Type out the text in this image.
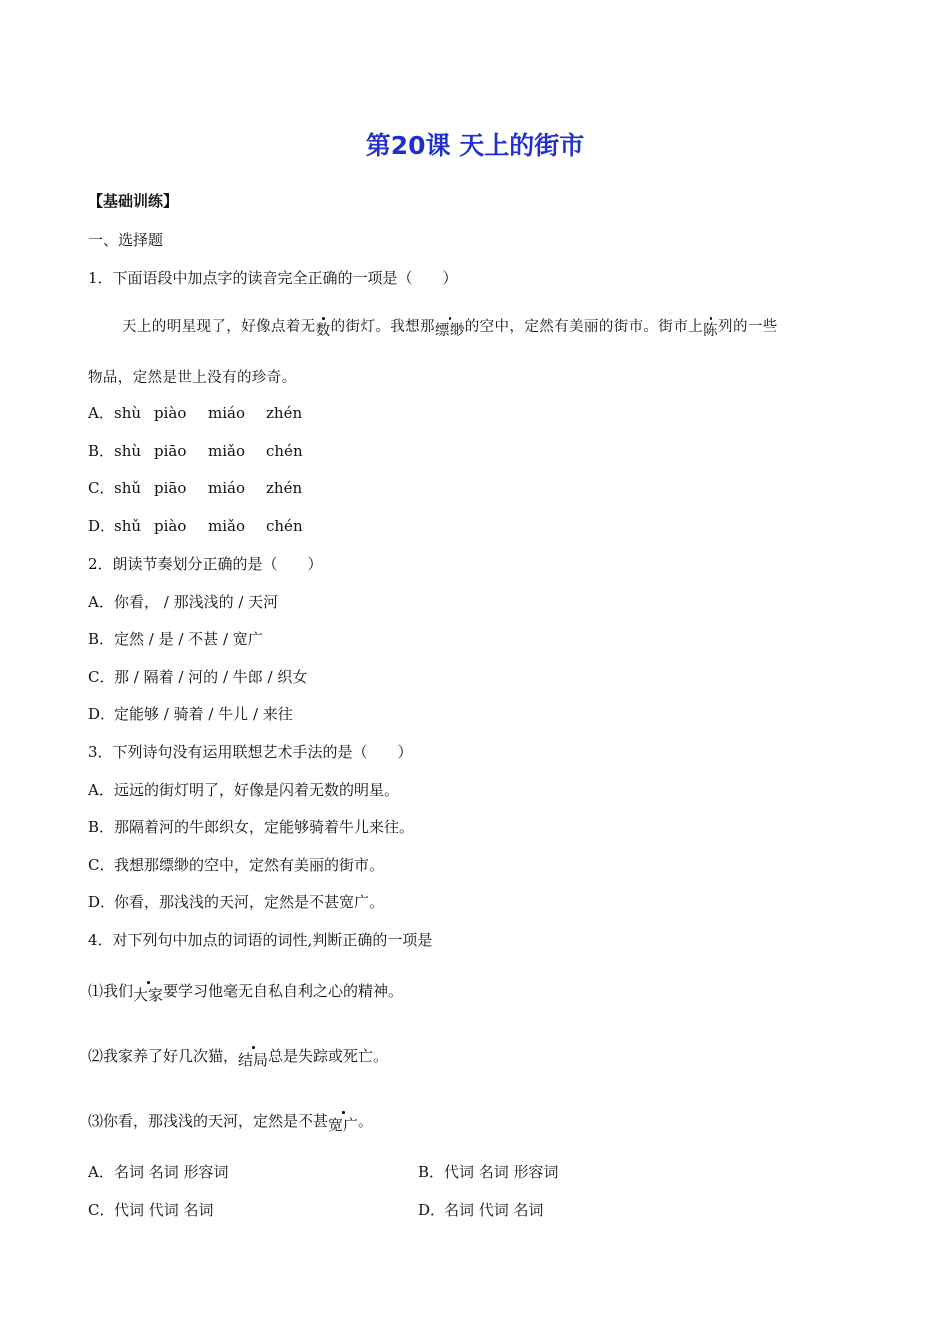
第20课 天上的街市
【基础训练】
一、选择题
1．下面语段中加点字的读音完全正确的一项是（　　）
天上的明星现了，好像点着无数的街灯。我想那缥缈的空中，定然有美丽的街市。街市上陈列的一些
物品，定然是世上没有的珍奇。
A．shù piào miáo zhén
B．shù piāo miǎo chén
C．shǔ piāo miáo zhén
D．shǔ piào miǎo chén
2．朗读节奏划分正确的是（　　）
A．你看， / 那浅浅的 / 天河
B．定然 / 是 / 不甚 / 宽广
C．那 / 隔着 / 河的 / 牛郎 / 织女
D．定能够 / 骑着 / 牛儿 / 来往
3．下列诗句没有运用联想艺术手法的是（　　）
A．远远的街灯明了，好像是闪着无数的明星。
B．那隔着河的牛郎织女，定能够骑着牛儿来往。
C．我想那缥缈的空中，定然有美丽的街市。
D．你看，那浅浅的天河，定然是不甚宽广。
4．对下列句中加点的词语的词性,判断正确的一项是
⑴我们大家要学习他毫无自私自利之心的精神。
⑵我家养了好几次猫，结局总是失踪或死亡。
⑶你看，那浅浅的天河，定然是不甚宽广。
A．名词 名词 形容词	B．代词 名词 形容词
C．代词 代词 名词	D．名词 代词 名词
